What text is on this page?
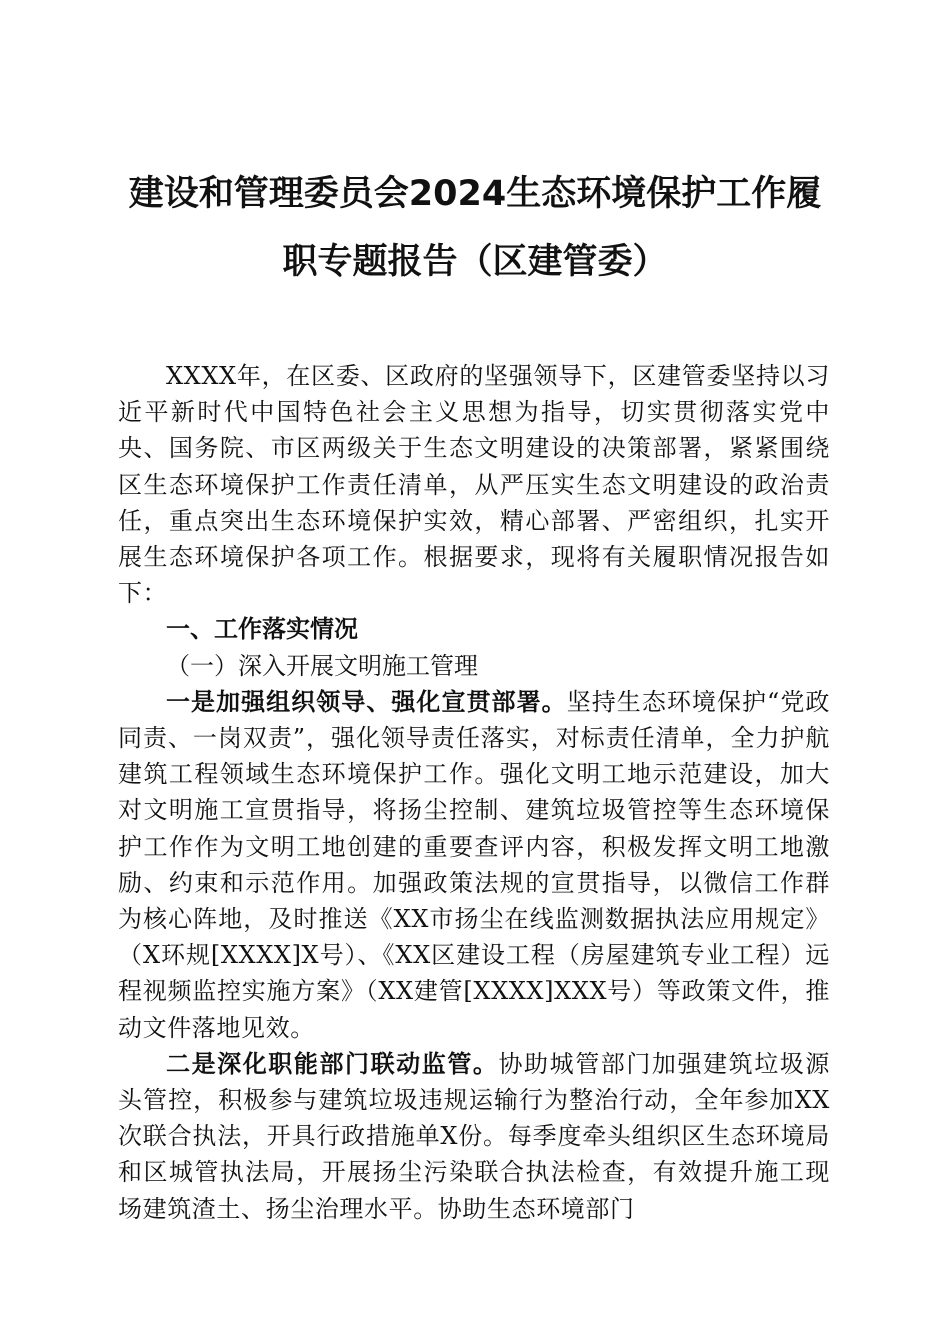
建设和管理委员会2024生态环境保护工作履
职专题报告（区建管委）

XXXX年，在区委、区政府的坚强领导下，区建管委坚持以习近平新时代中国特色社会主义思想为指导，切实贯彻落实党中央、国务院、市区两级关于生态文明建设的决策部署，紧紧围绕区生态环境保护工作责任清单，从严压实生态文明建设的政治责任，重点突出生态环境保护实效，精心部署、严密组织，扎实开展生态环境保护各项工作。根据要求，现将有关履职情况报告如下：

一、工作落实情况

（一）深入开展文明施工管理

一是加强组织领导、强化宣贯部署。坚持生态环境保护“党政同责、一岗双责”，强化领导责任落实，对标责任清单，全力护航建筑工程领域生态环境保护工作。强化文明工地示范建设，加大对文明施工宣贯指导，将扬尘控制、建筑垃圾管控等生态环境保护工作作为文明工地创建的重要查评内容，积极发挥文明工地激励、约束和示范作用。加强政策法规的宣贯指导，以微信工作群为核心阵地，及时推送《XX市扬尘在线监测数据执法应用规定》（X环规[XXXX]X号）、《XX区建设工程（房屋建筑专业工程）远程视频监控实施方案》（XX建管[XXXX]XXX号）等政策文件，推动文件落地见效。

二是深化职能部门联动监管。协助城管部门加强建筑垃圾源头管控，积极参与建筑垃圾违规运输行为整治行动，全年参加XX次联合执法，开具行政措施单X份。每季度牵头组织区生态环境局和区城管执法局，开展扬尘污染联合执法检查，有效提升施工现场建筑渣土、扬尘治理水平。协助生态环境部门
